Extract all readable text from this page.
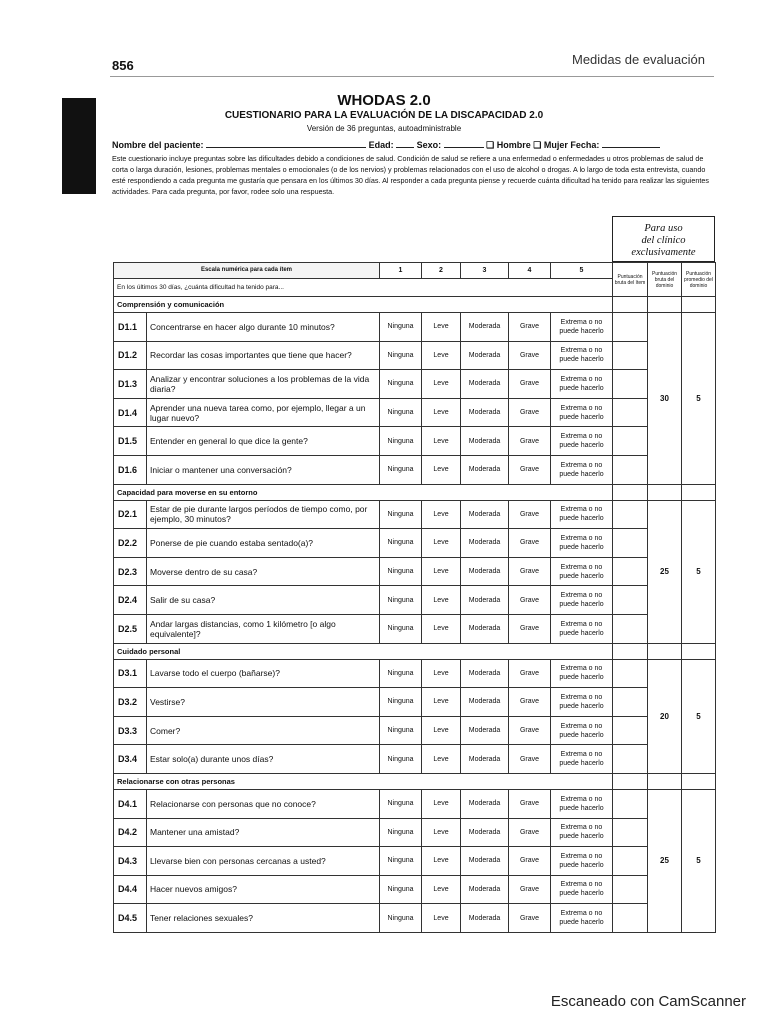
856	Medidas de evaluación
WHODAS 2.0
CUESTIONARIO PARA LA EVALUACIÓN DE LA DISCAPACIDAD 2.0
Versión de 36 preguntas, autoadministrable
Nombre del paciente:	Edad:	Sexo:	❏ Hombre ❏ Mujer Fecha:
Este cuestionario incluye preguntas sobre las dificultades debido a condiciones de salud. Condición de salud se refiere a una enfermedad o enfermedades u otros problemas de salud de corta o larga duración, lesiones, problemas mentales o emocionales (o de los nervios) y problemas relacionados con el uso de alcohol o drogas. A lo largo de toda esta entrevista, cuando esté respondiendo a cada pregunta me gustaría que pensara en los últimos 30 días. Al responder a cada pregunta piense y recuerde cuánta dificultad ha tenido para realizar las siguientes actividades. Para cada pregunta, por favor, rodee solo una respuesta.
Para uso
del clínico
exclusivamente
Escala numérica para cada ítem		1	2	3	4	5	Puntuación bruta del ítem	Puntuación bruta del dominio	Puntuación promedio del dominio
En los últimos 30 días, ¿cuánta dificultad ha tenido para...									
Comprensión y comunicación									
D1.1	Concentrarse en hacer algo durante 10 minutos?	Ninguna	Leve	Moderada	Grave	Extrema o no puede hacerlo		30	5
D1.2	Recordar las cosas importantes que tiene que hacer?	Ninguna	Leve	Moderada	Grave	Extrema o no puede hacerlo			
D1.3	Analizar y encontrar soluciones a los problemas de la vida diaria?	Ninguna	Leve	Moderada	Grave	Extrema o no puede hacerlo			
D1.4	Aprender una nueva tarea como, por ejemplo, llegar a un lugar nuevo?	Ninguna	Leve	Moderada	Grave	Extrema o no puede hacerlo			
D1.5	Entender en general lo que dice la gente?	Ninguna	Leve	Moderada	Grave	Extrema o no puede hacerlo			
D1.6	Iniciar o mantener una conversación?	Ninguna	Leve	Moderada	Grave	Extrema o no puede hacerlo			
Capacidad para moverse en su entorno									
D2.1	Estar de pie durante largos períodos de tiempo como, por ejemplo, 30 minutos?	Ninguna	Leve	Moderada	Grave	Extrema o no puede hacerlo		25	5
D2.2	Ponerse de pie cuando estaba sentado(a)?	Ninguna	Leve	Moderada	Grave	Extrema o no puede hacerlo			
D2.3	Moverse dentro de su casa?	Ninguna	Leve	Moderada	Grave	Extrema o no puede hacerlo			
D2.4	Salir de su casa?	Ninguna	Leve	Moderada	Grave	Extrema o no puede hacerlo			
D2.5	Andar largas distancias, como 1 kilómetro [o algo equivalente]?	Ninguna	Leve	Moderada	Grave	Extrema o no puede hacerlo			
Cuidado personal									
D3.1	Lavarse todo el cuerpo (bañarse)?	Ninguna	Leve	Moderada	Grave	Extrema o no puede hacerlo		20	5
D3.2	Vestirse?	Ninguna	Leve	Moderada	Grave	Extrema o no puede hacerlo			
D3.3	Comer?	Ninguna	Leve	Moderada	Grave	Extrema o no puede hacerlo			
D3.4	Estar solo(a) durante unos días?	Ninguna	Leve	Moderada	Grave	Extrema o no puede hacerlo			
Relacionarse con otras personas									
D4.1	Relacionarse con personas que no conoce?	Ninguna	Leve	Moderada	Grave	Extrema o no puede hacerlo		25	5
D4.2	Mantener una amistad?	Ninguna	Leve	Moderada	Grave	Extrema o no puede hacerlo			
D4.3	Llevarse bien con personas cercanas a usted?	Ninguna	Leve	Moderada	Grave	Extrema o no puede hacerlo			
D4.4	Hacer nuevos amigos?	Ninguna	Leve	Moderada	Grave	Extrema o no puede hacerlo			
D4.5	Tener relaciones sexuales?	Ninguna	Leve	Moderada	Grave	Extrema o no puede hacerlo			
Escaneado con CamScanner
